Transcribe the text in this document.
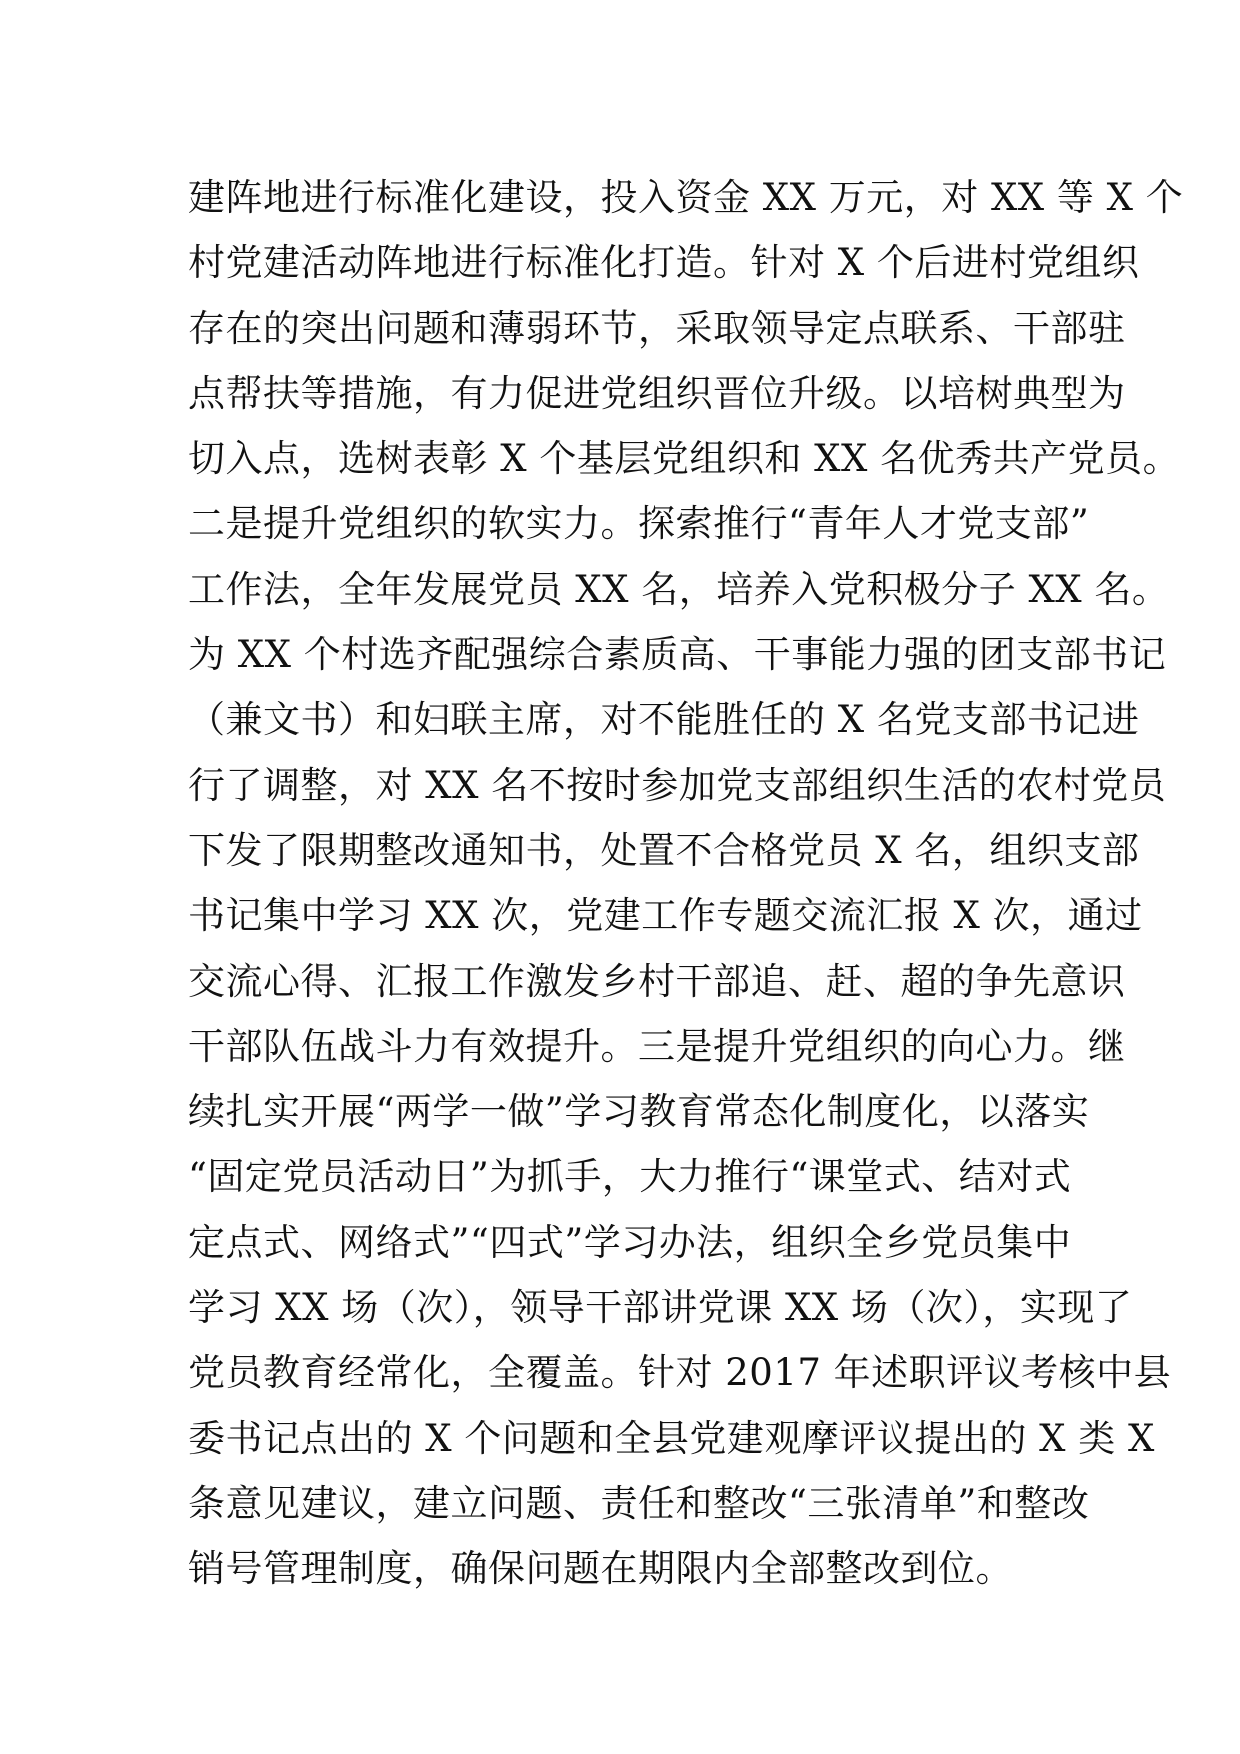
建阵地进行标准化建设，投入资金 XX 万元，对 XX 等 X 个
村党建活动阵地进行标准化打造。针对 X 个后进村党组织
存在的突出问题和薄弱环节，采取领导定点联系、干部驻
点帮扶等措施，有力促进党组织晋位升级。以培树典型为
切入点，选树表彰 X 个基层党组织和 XX 名优秀共产党员。
二是提升党组织的软实力。探索推行“青年人才党支部”
工作法，全年发展党员 XX 名，培养入党积极分子 XX 名。
为 XX 个村选齐配强综合素质高、干事能力强的团支部书记
（兼文书）和妇联主席，对不能胜任的 X 名党支部书记进
行了调整，对 XX 名不按时参加党支部组织生活的农村党员
下发了限期整改通知书，处置不合格党员 X 名，组织支部
书记集中学习 XX 次，党建工作专题交流汇报 X 次，通过
交流心得、汇报工作激发乡村干部追、赶、超的争先意识
干部队伍战斗力有效提升。三是提升党组织的向心力。继
续扎实开展“两学一做”学习教育常态化制度化，以落实
“固定党员活动日”为抓手，大力推行“课堂式、结对式
定点式、网络式”“四式”学习办法，组织全乡党员集中
学习 XX 场（次），领导干部讲党课 XX 场（次），实现了
党员教育经常化，全覆盖。针对 2017 年述职评议考核中县
委书记点出的 X 个问题和全县党建观摩评议提出的 X 类 X
条意见建议，建立问题、责任和整改“三张清单”和整改
销号管理制度，确保问题在期限内全部整改到位。
